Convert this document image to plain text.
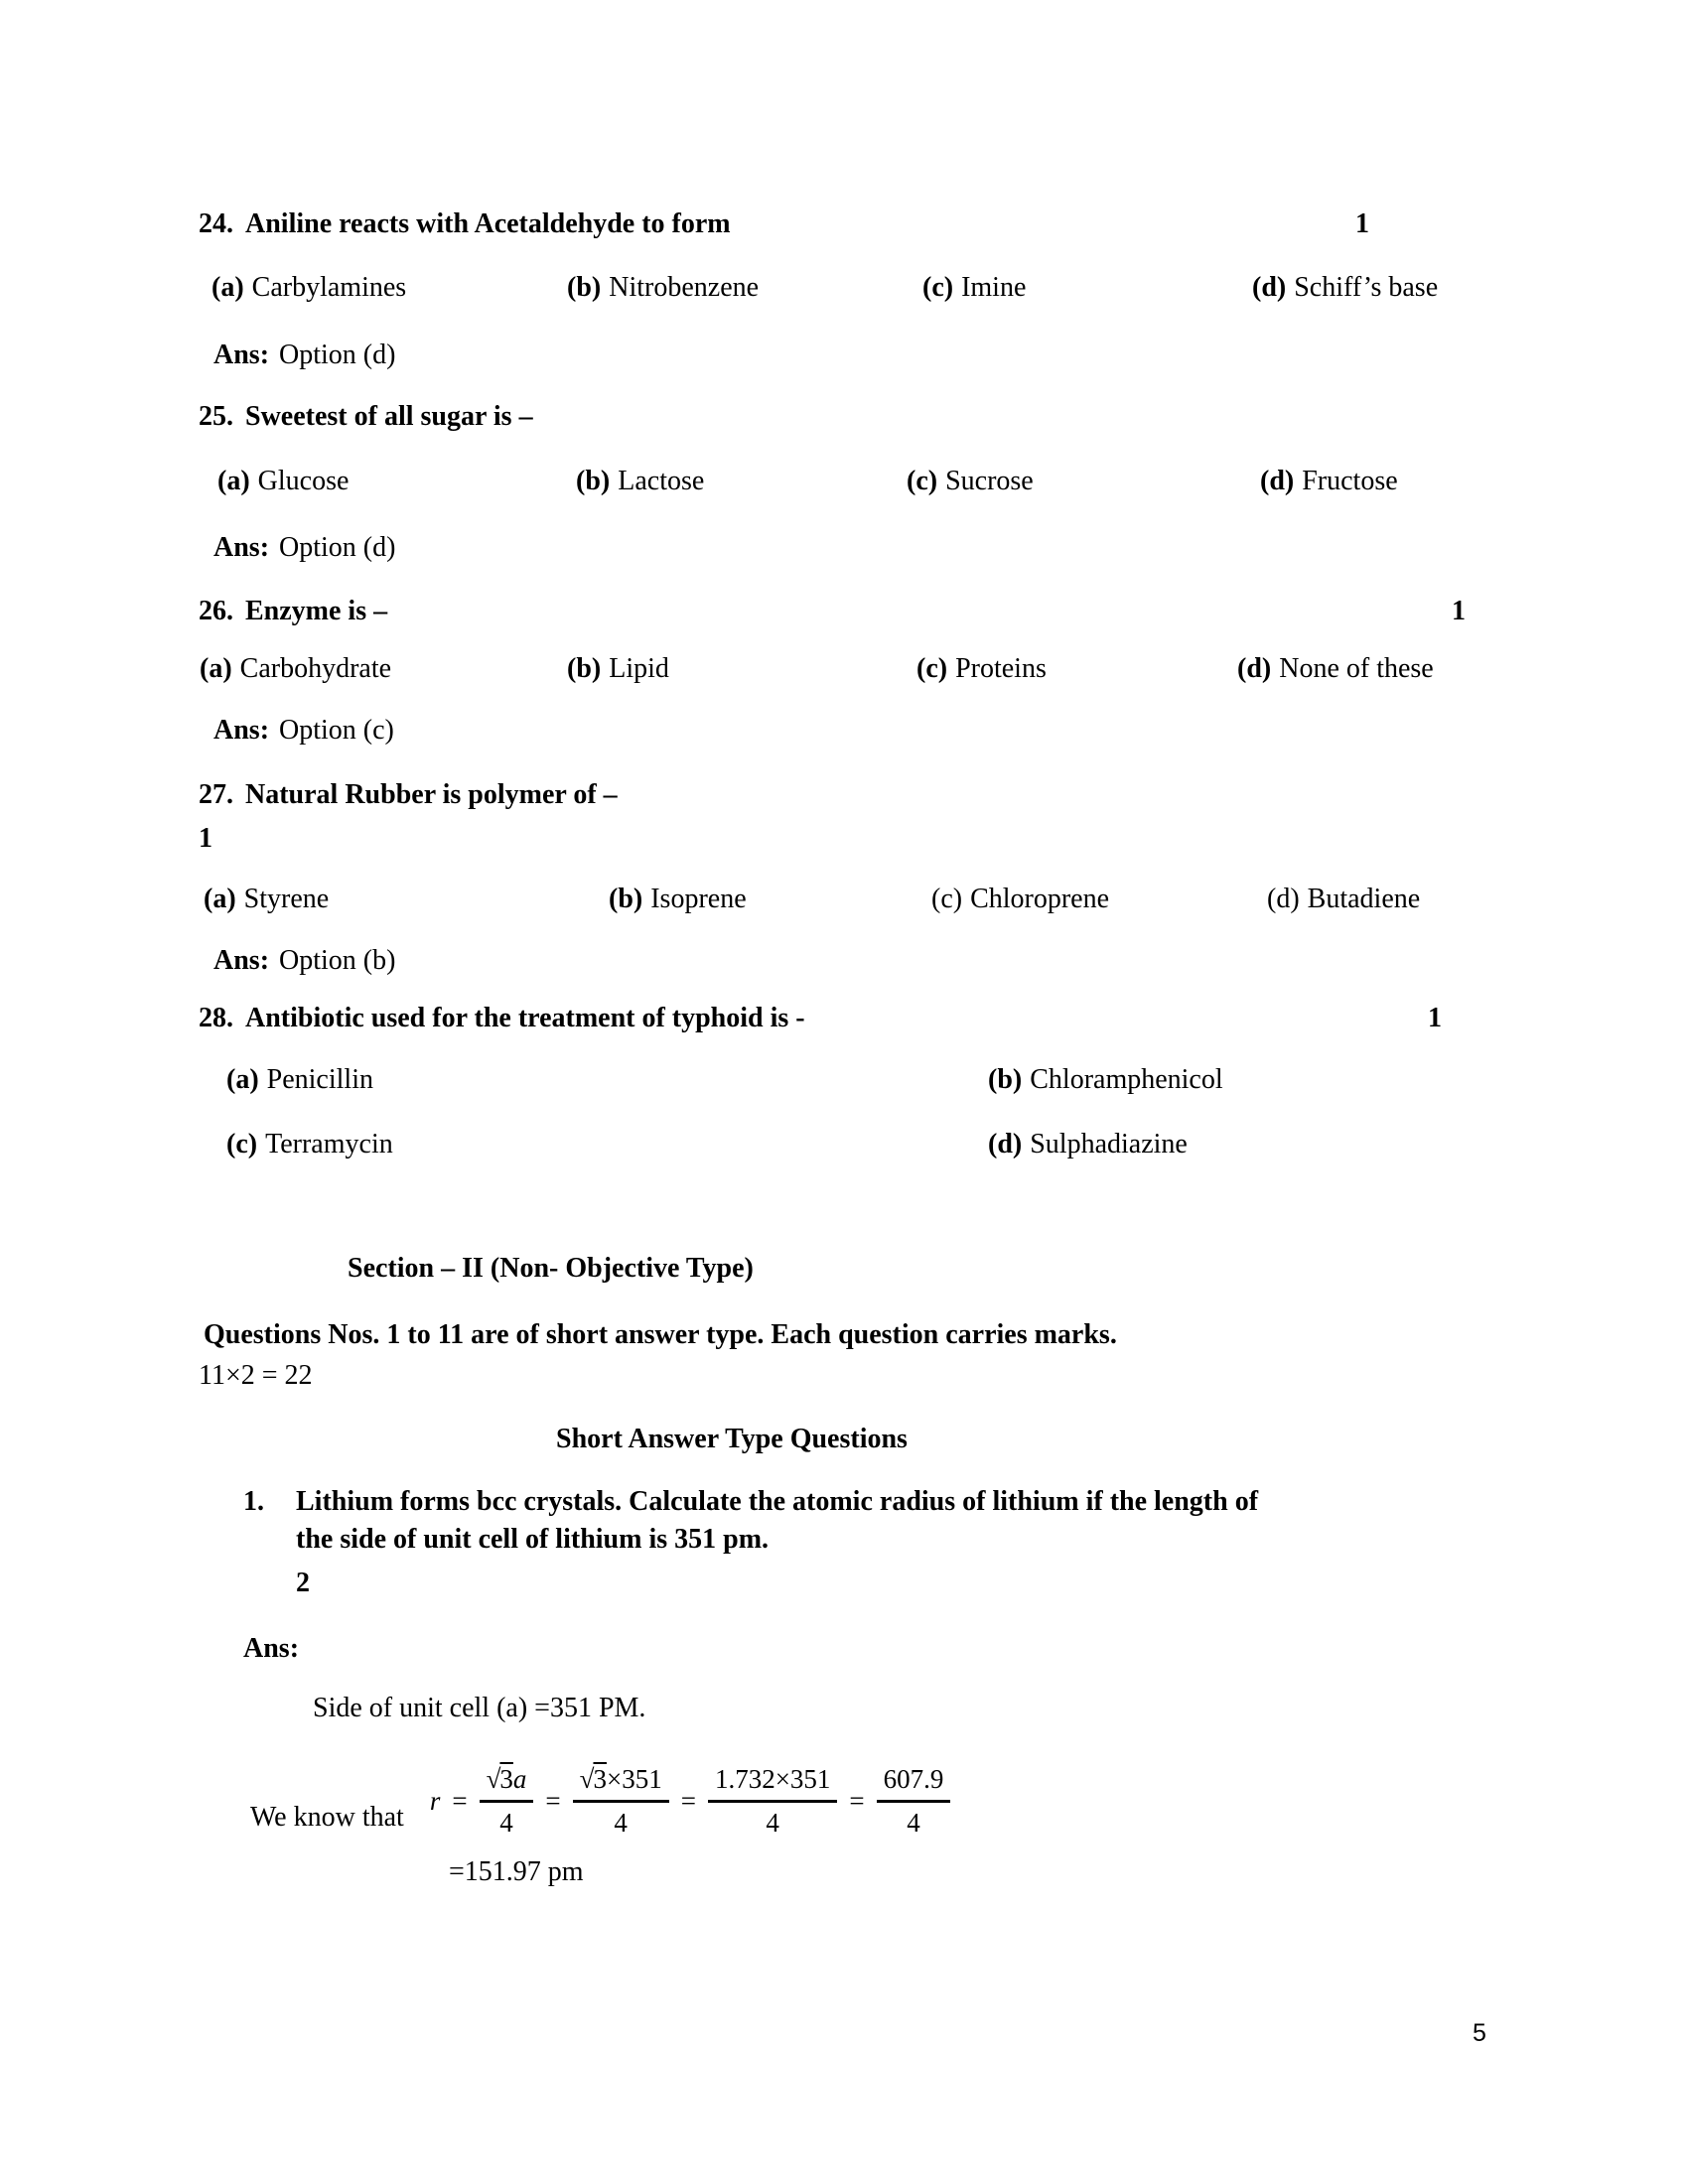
24. Aniline reacts with Acetaldehyde to form	1
(a) Carbylamines	(b) Nitrobenzene	(c) Imine	(d) Schiff’s base
Ans: Option (d)
25. Sweetest of all sugar is –
(a) Glucose	(b) Lactose	(c) Sucrose	(d) Fructose
Ans: Option (d)
26. Enzyme is –	1
(a) Carbohydrate	(b) Lipid	(c) Proteins	(d) None of these
Ans: Option (c)
27. Natural Rubber is polymer of –
1
(a) Styrene	(b) Isoprene	(c) Chloroprene	(d) Butadiene
Ans: Option (b)
28. Antibiotic used for the treatment of typhoid is -	1
(a) Penicillin	(b) Chloramphenicol
(c) Terramycin	(d) Sulphadiazine
Section – II (Non- Objective Type)
Questions Nos. 1 to 11 are of short answer type. Each question carries marks.
11×2 = 22
Short Answer Type Questions
1. Lithium forms bcc crystals. Calculate the atomic radius of lithium if the length of
the side of unit cell of lithium is 351 pm.
2
Ans:
Side of unit cell (a) =351 PM.
We know that
$r = \frac{√3a}{4} = \frac{√3\times 351}{4} = \frac{1.732\times 351}{4} = \frac{607.9}{4}$
=151.97 pm
5
